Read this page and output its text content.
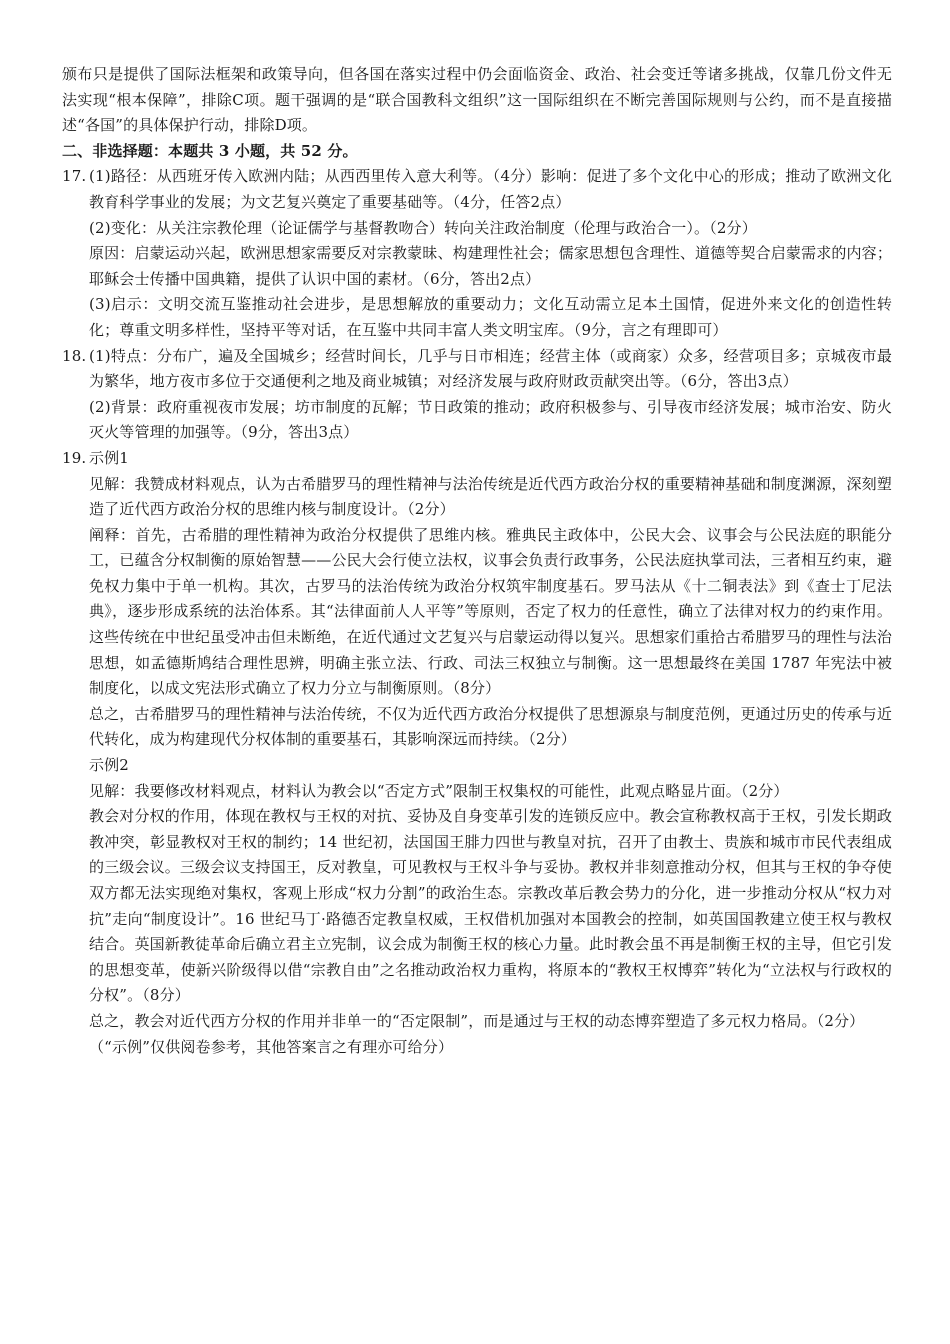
颁布只是提供了国际法框架和政策导向，但各国在落实过程中仍会面临资金、政治、社会变迁等诸多挑战，仅靠几份文件无法实现“根本保障”，排除C项。题干强调的是“联合国教科文组织”这一国际组织在不断完善国际规则与公约，而不是直接描述“各国”的具体保护行动，排除D项。

二、非选择题：本题共 3 小题，共 52 分。

17. (1)路径：从西班牙传入欧洲内陆；从西西里传入意大利等。（4分）影响：促进了多个文化中心的形成；推动了欧洲文化教育科学事业的发展；为文艺复兴奠定了重要基础等。（4分，任答2点）

(2)变化：从关注宗教伦理（论证儒学与基督教吻合）转向关注政治制度（伦理与政治合一）。（2分）

原因：启蒙运动兴起，欧洲思想家需要反对宗教蒙昧、构建理性社会；儒家思想包含理性、道德等契合启蒙需求的内容；耶稣会士传播中国典籍，提供了认识中国的素材。（6分，答出2点）

(3)启示：文明交流互鉴推动社会进步，是思想解放的重要动力；文化互动需立足本土国情，促进外来文化的创造性转化；尊重文明多样性，坚持平等对话，在互鉴中共同丰富人类文明宝库。（9分，言之有理即可）

18. (1)特点：分布广，遍及全国城乡；经营时间长，几乎与日市相连；经营主体（或商家）众多，经营项目多；京城夜市最为繁华，地方夜市多位于交通便利之地及商业城镇；对经济发展与政府财政贡献突出等。（6分，答出3点）

(2)背景：政府重视夜市发展；坊市制度的瓦解；节日政策的推动；政府积极参与、引导夜市经济发展；城市治安、防火灭火等管理的加强等。（9分，答出3点）

19. 示例1

见解：我赞成材料观点，认为古希腊罗马的理性精神与法治传统是近代西方政治分权的重要精神基础和制度渊源，深刻塑造了近代西方政治分权的思维内核与制度设计。（2分）

阐释：首先，古希腊的理性精神为政治分权提供了思维内核。雅典民主政体中，公民大会、议事会与公民法庭的职能分工，已蕴含分权制衡的原始智慧——公民大会行使立法权，议事会负责行政事务，公民法庭执掌司法，三者相互约束，避免权力集中于单一机构。其次，古罗马的法治传统为政治分权筑牢制度基石。罗马法从《十二铜表法》到《查士丁尼法典》，逐步形成系统的法治体系。其“法律面前人人平等”等原则，否定了权力的任意性，确立了法律对权力的约束作用。这些传统在中世纪虽受冲击但未断绝，在近代通过文艺复兴与启蒙运动得以复兴。思想家们重拾古希腊罗马的理性与法治思想，如孟德斯鸠结合理性思辨，明确主张立法、行政、司法三权独立与制衡。这一思想最终在美国 1787 年宪法中被制度化，以成文宪法形式确立了权力分立与制衡原则。（8分）

总之，古希腊罗马的理性精神与法治传统，不仅为近代西方政治分权提供了思想源泉与制度范例，更通过历史的传承与近代转化，成为构建现代分权体制的重要基石，其影响深远而持续。（2分）

示例2

见解：我要修改材料观点，材料认为教会以“否定方式”限制王权集权的可能性，此观点略显片面。（2分）

教会对分权的作用，体现在教权与王权的对抗、妥协及自身变革引发的连锁反应中。教会宣称教权高于王权，引发长期政教冲突，彰显教权对王权的制约；14 世纪初，法国国王腓力四世与教皇对抗，召开了由教士、贵族和城市市民代表组成的三级会议。三级会议支持国王，反对教皇，可见教权与王权斗争与妥协。教权并非刻意推动分权，但其与王权的争夺使双方都无法实现绝对集权，客观上形成“权力分割”的政治生态。宗教改革后教会势力的分化，进一步推动分权从“权力对抗”走向“制度设计”。16 世纪马丁·路德否定教皇权威，王权借机加强对本国教会的控制，如英国国教建立使王权与教权结合。英国新教徒革命后确立君主立宪制，议会成为制衡王权的核心力量。此时教会虽不再是制衡王权的主导，但它引发的思想变革，使新兴阶级得以借“宗教自由”之名推动政治权力重构，将原本的“教权王权博弈”转化为“立法权与行政权的分权”。（8分）

总之，教会对近代西方分权的作用并非单一的“否定限制”，而是通过与王权的动态博弈塑造了多元权力格局。（2分）

（“示例”仅供阅卷参考，其他答案言之有理亦可给分）
